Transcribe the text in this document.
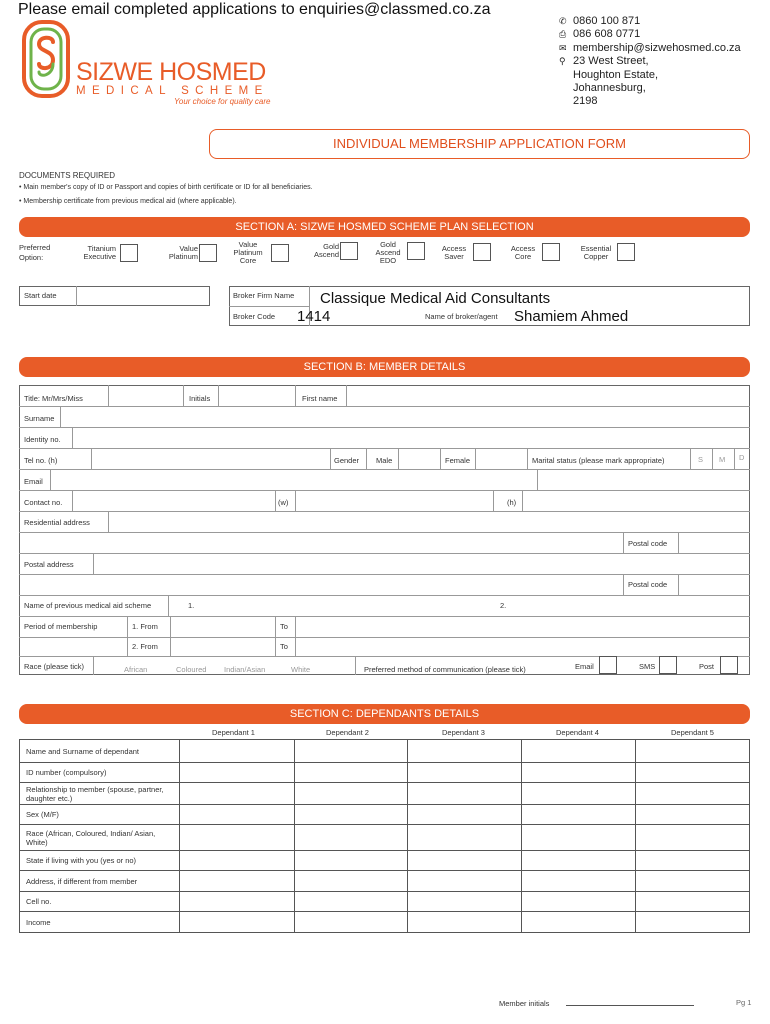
Please email completed applications to enquiries@classmed.co.za
✆ 0860 100 871
⎙ 086 608 0771
✉ membership@sizwehosmed.co.za
⚲ 23 West Street,
Houghton Estate,
Johannesburg,
2198
SIZWE HOSMED
MEDICAL SCHEME
Your choice for quality care
INDIVIDUAL MEMBERSHIP APPLICATION FORM
DOCUMENTS REQUIRED
• Main member's copy of ID or Passport and copies of birth certificate or ID for all beneficiaries.
• Membership certificate from previous medical aid (where applicable).
SECTION A: SIZWE HOSMED SCHEME PLAN SELECTION
Preferred
Option:
Titanium
Executive
Value
Platinum
Value
Platinum
Core
Gold
Ascend
Gold
Ascend
EDO
Access
Saver
Access
Core
Essential
Copper
Start date	Broker Firm Name Classique Medical Aid Consultants
Broker Code 1414	Name of broker/agent Shamiem Ahmed
SECTION B: MEMBER DETAILS
Title: Mr/Mrs/Miss	Initials	First name
Surname
Identity no.
Tel no. (h)	Gender Male	Female	Marital status (please mark appropriate)	S M D
Email
Contact no.	(w)	(h)
Residential address
Postal code
Postal address
Postal code
Name of previous medical aid scheme	1.	2.
Period of membership	1. From	To
2. From	To
Race (please tick)	African	Coloured Indian/Asian	White	Preferred method of communication (please tick)	Email	SMS	Post
SECTION C: DEPENDANTS DETAILS
Dependant 1	Dependant 2	Dependant 3	Dependant 4	Dependant 5
Name and Surname of dependant					
ID number (compulsory)					
Relationship to member (spouse, partner, daughter etc.)					
Sex (M/F)					
Race (African, Coloured, Indian/ Asian, White)					
State if living with you (yes or no)					
Address, if different from member					
Cell no.					
Income					
Member initials	Pg 1
